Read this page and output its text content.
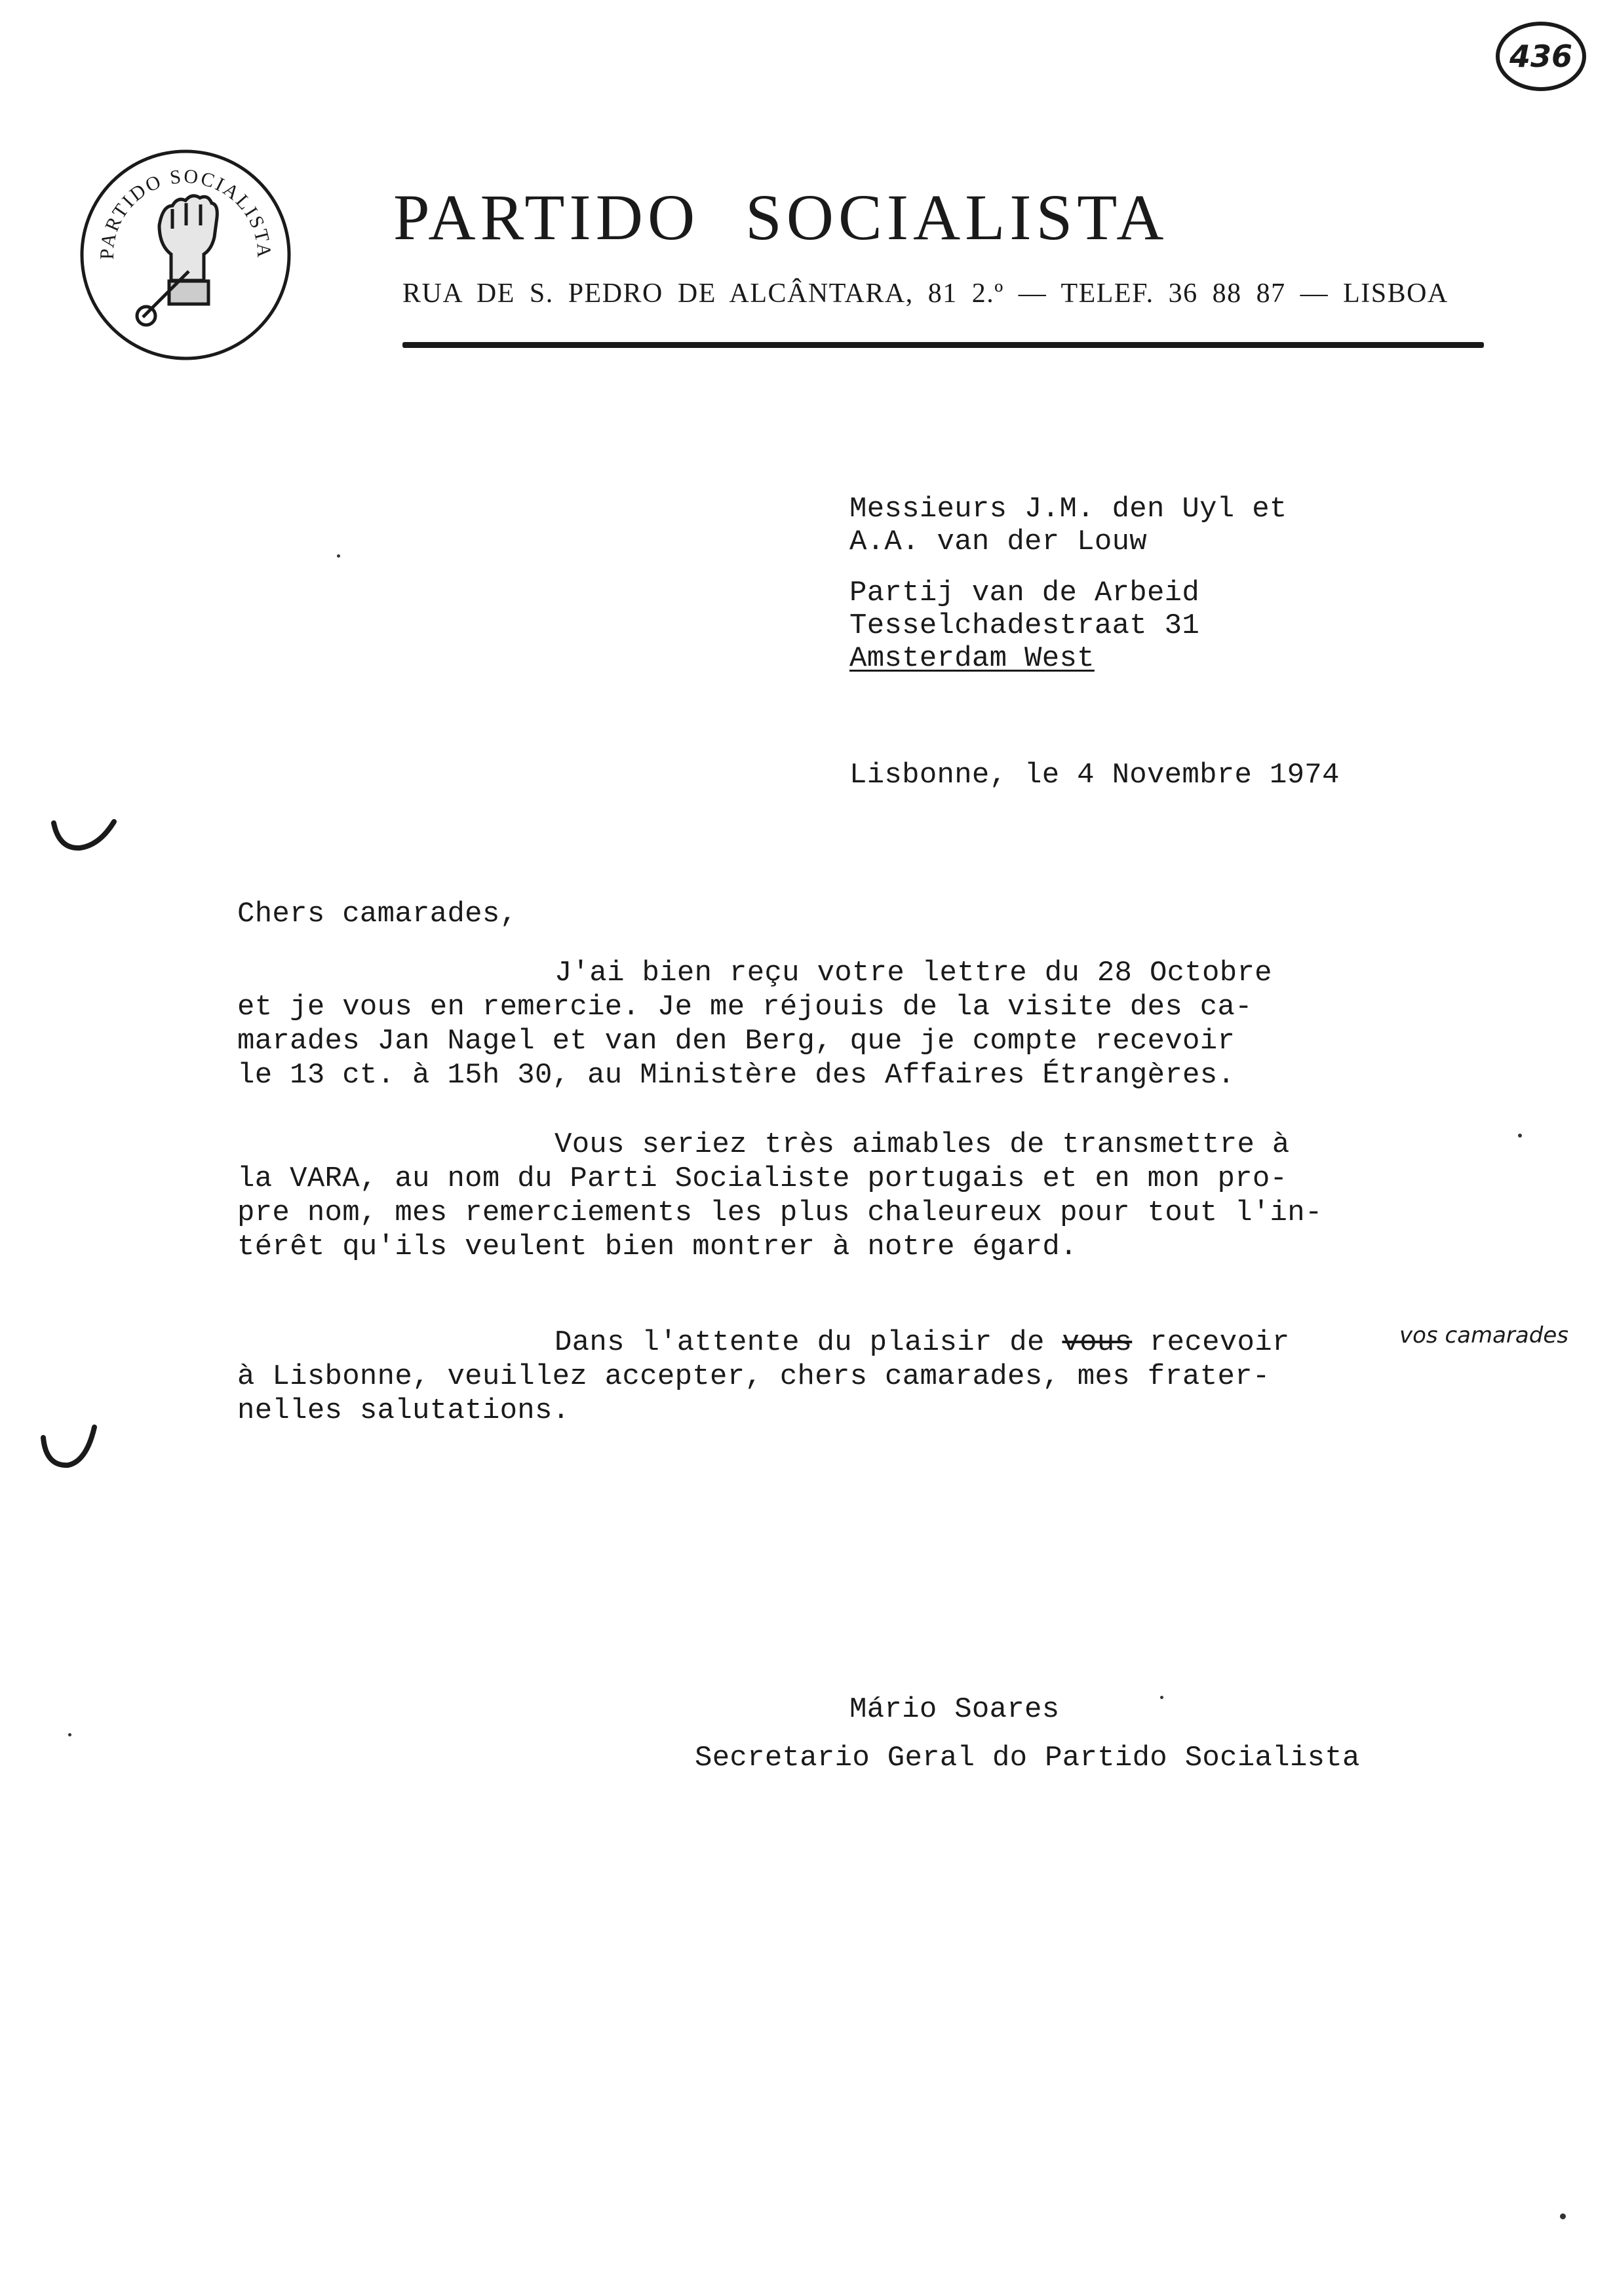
436
PARTIDO SOCIALISTA PARTIDO SOCIALISTA
RUA DE S. PEDRO DE ALCÂNTARA, 81 2.º — TELEF. 36 88 87 — LISBOA
Messieurs J.M. den Uyl et
A.A. van der Louw
Partij van de Arbeid
Tesselchadestraat 31
Amsterdam West
Lisbonne, le 4 Novembre 1974
Chers camarades,
J'ai bien reçu votre lettre du 28 Octobre
et je vous en remercie. Je me réjouis de la visite des ca-
marades Jan Nagel et van den Berg, que je compte recevoir
le 13 ct. à 15h 30, au Ministère des Affaires Étrangères.
Vous seriez très aimables de transmettre à
la VARA, au nom du Parti Socialiste portugais et en mon pro-
pre nom, mes remerciements les plus chaleureux pour tout l'in-
térêt qu'ils veulent bien montrer à notre égard.
Dans l'attente du plaisir de vous recevoir	vos camarades
à Lisbonne, veuillez accepter, chers camarades, mes frater-
nelles salutations.
Mário Soares
Secretario Geral do Partido Socialista
